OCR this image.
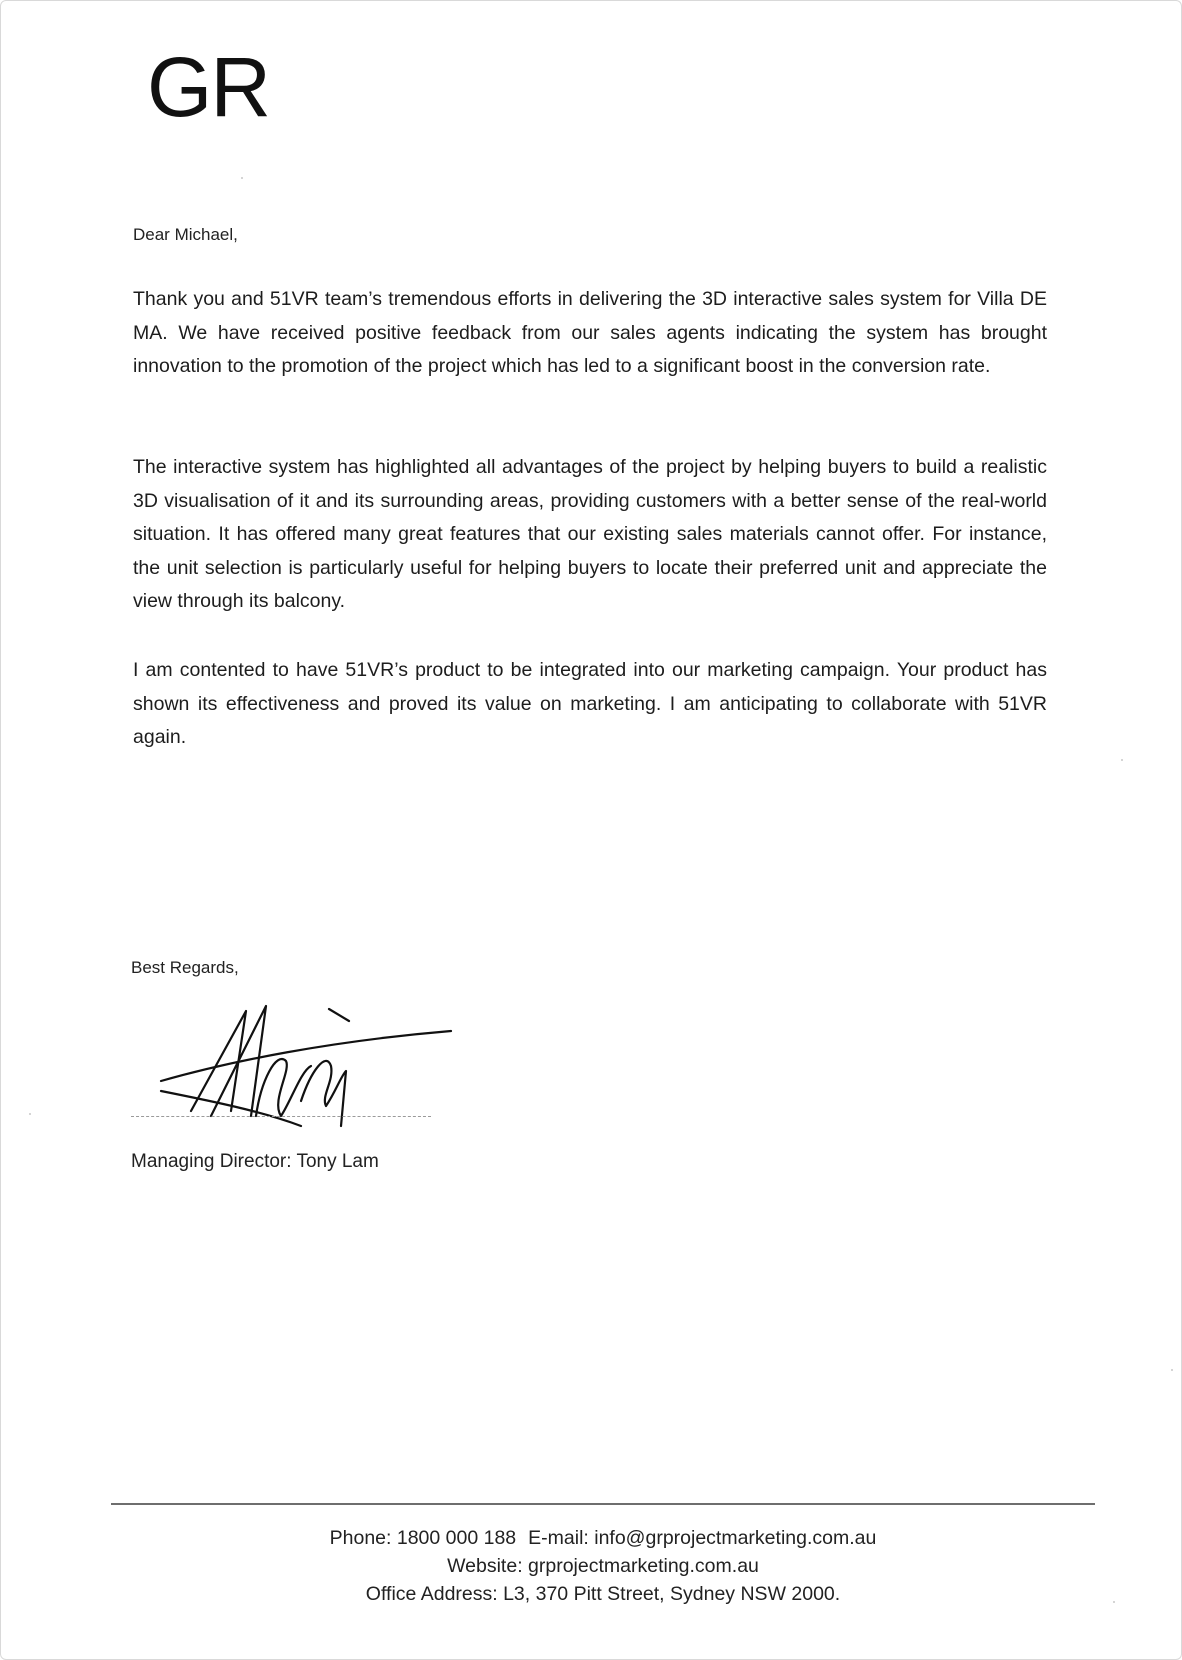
GR
Dear Michael,
Thank you and 51VR team’s tremendous efforts in delivering the 3D interactive sales system for Villa DE MA. We have received positive feedback from our sales agents indicating the system has brought innovation to the promotion of the project which has led to a significant boost in the conversion rate.
The interactive system has highlighted all advantages of the project by helping buyers to build a realistic 3D visualisation of it and its surrounding areas, providing customers with a better sense of the real-world situation. It has offered many great features that our existing sales materials cannot offer. For instance, the unit selection is particularly useful for helping buyers to locate their preferred unit and appreciate the view through its balcony.
I am contented to have 51VR’s product to be integrated into our marketing campaign. Your product has shown its effectiveness and proved its value on marketing. I am anticipating to collaborate with 51VR again.
Best Regards,
Managing Director: Tony Lam
Phone: 1800 000 188 E-mail: info@grprojectmarketing.com.au
Website: grprojectmarketing.com.au
Office Address: L3, 370 Pitt Street, Sydney NSW 2000.
